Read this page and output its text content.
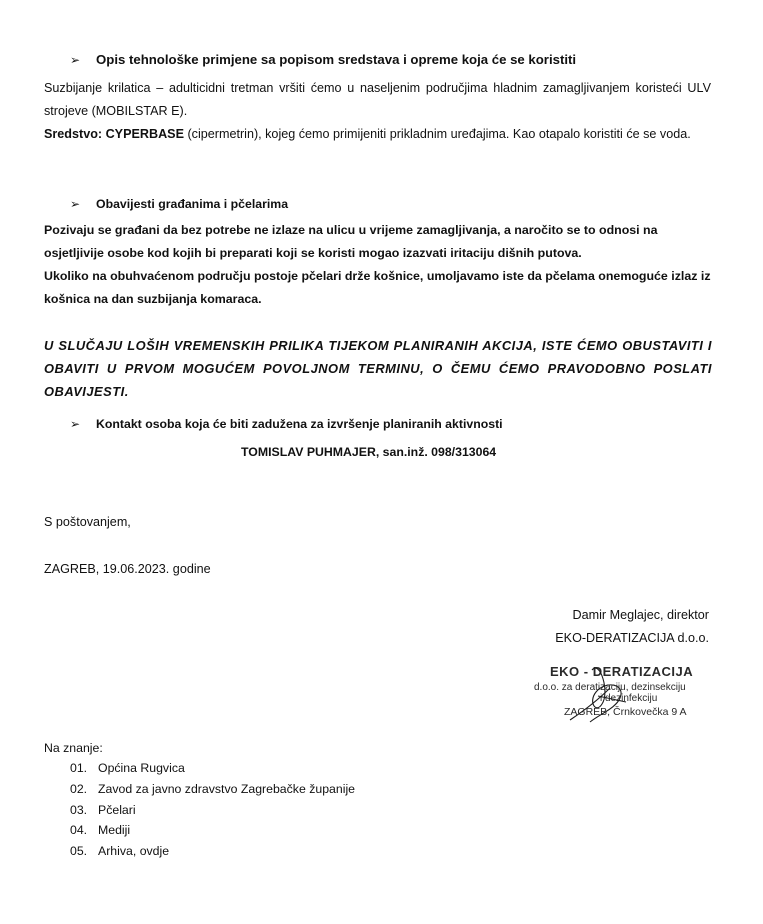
➢	Opis tehnološke primjene sa popisom sredstava i opreme koja će se koristiti
Suzbijanje krilatica – adulticidni tretman vršiti ćemo u naseljenim područjima hladnim zamagljivanjem koristeći ULV strojeve (MOBILSTAR E).
Sredstvo: CYPERBASE (cipermetrin), kojeg ćemo primijeniti prikladnim uređajima. Kao otapalo koristiti će se voda.
➢	Obavijesti građanima i pčelarima
Pozivaju se građani da bez potrebe ne izlaze na ulicu u vrijeme zamagljivanja, a naročito se to odnosi na osjetljivije osobe kod kojih bi preparati koji se koristi mogao izazvati iritaciju dišnih putova.
Ukoliko na obuhvaćenom području postoje pčelari drže košnice, umoljavamo iste da pčelama onemoguće izlaz iz košnica na dan suzbijanja komaraca.
U SLUČAJU LOŠIH VREMENSKIH PRILIKA TIJEKOM PLANIRANIH AKCIJA, ISTE ĆEMO OBUSTAVITI I OBAVITI U PRVOM MOGUĆEM POVOLJNOM TERMINU, O ČEMU ĆEMO PRAVODOBNO POSLATI OBAVIJESTI.
➢	Kontakt osoba koja će biti zadužena za izvršenje planiranih aktivnosti
TOMISLAV PUHMAJER, san.inž. 098/313064
S poštovanjem,
ZAGREB, 19.06.2023. godine
Damir Meglajec, direktor
EKO-DERATIZACIJA d.o.o.
EKO - DERATIZACIJA
d.o.o. za deratizaciju, dezinsekciju
i dezinfekciju
ZAGREB, Črnkovečka 9 A
Na znanje:
01. Općina Rugvica
02. Zavod za javno zdravstvo Zagrebačke županije
03. Pčelari
04. Mediji
05. Arhiva, ovdje
